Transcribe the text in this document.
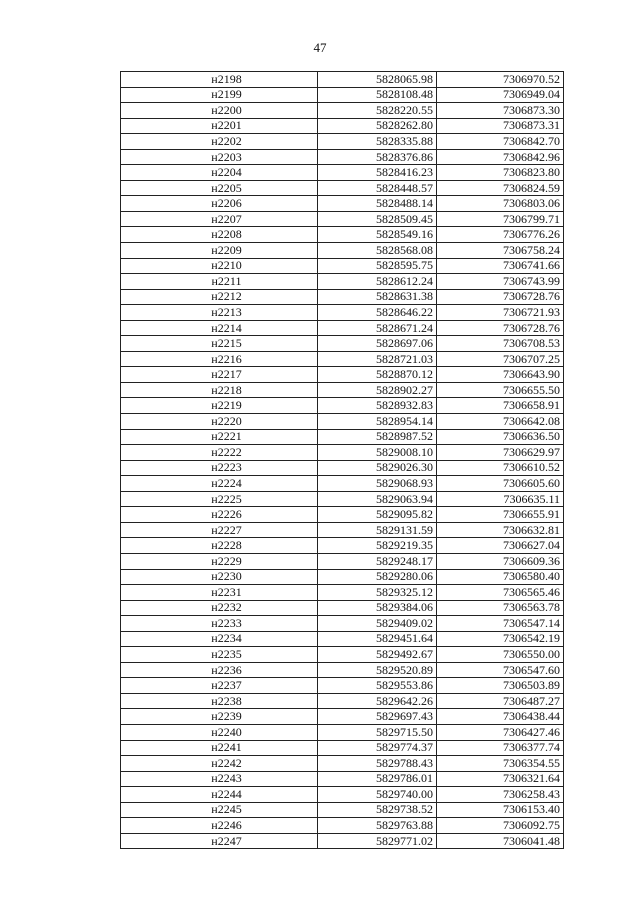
47
н2198	5828065.98	7306970.52
н2199	5828108.48	7306949.04
н2200	5828220.55	7306873.30
н2201	5828262.80	7306873.31
н2202	5828335.88	7306842.70
н2203	5828376.86	7306842.96
н2204	5828416.23	7306823.80
н2205	5828448.57	7306824.59
н2206	5828488.14	7306803.06
н2207	5828509.45	7306799.71
н2208	5828549.16	7306776.26
н2209	5828568.08	7306758.24
н2210	5828595.75	7306741.66
н2211	5828612.24	7306743.99
н2212	5828631.38	7306728.76
н2213	5828646.22	7306721.93
н2214	5828671.24	7306728.76
н2215	5828697.06	7306708.53
н2216	5828721.03	7306707.25
н2217	5828870.12	7306643.90
н2218	5828902.27	7306655.50
н2219	5828932.83	7306658.91
н2220	5828954.14	7306642.08
н2221	5828987.52	7306636.50
н2222	5829008.10	7306629.97
н2223	5829026.30	7306610.52
н2224	5829068.93	7306605.60
н2225	5829063.94	7306635.11
н2226	5829095.82	7306655.91
н2227	5829131.59	7306632.81
н2228	5829219.35	7306627.04
н2229	5829248.17	7306609.36
н2230	5829280.06	7306580.40
н2231	5829325.12	7306565.46
н2232	5829384.06	7306563.78
н2233	5829409.02	7306547.14
н2234	5829451.64	7306542.19
н2235	5829492.67	7306550.00
н2236	5829520.89	7306547.60
н2237	5829553.86	7306503.89
н2238	5829642.26	7306487.27
н2239	5829697.43	7306438.44
н2240	5829715.50	7306427.46
н2241	5829774.37	7306377.74
н2242	5829788.43	7306354.55
н2243	5829786.01	7306321.64
н2244	5829740.00	7306258.43
н2245	5829738.52	7306153.40
н2246	5829763.88	7306092.75
н2247	5829771.02	7306041.48
